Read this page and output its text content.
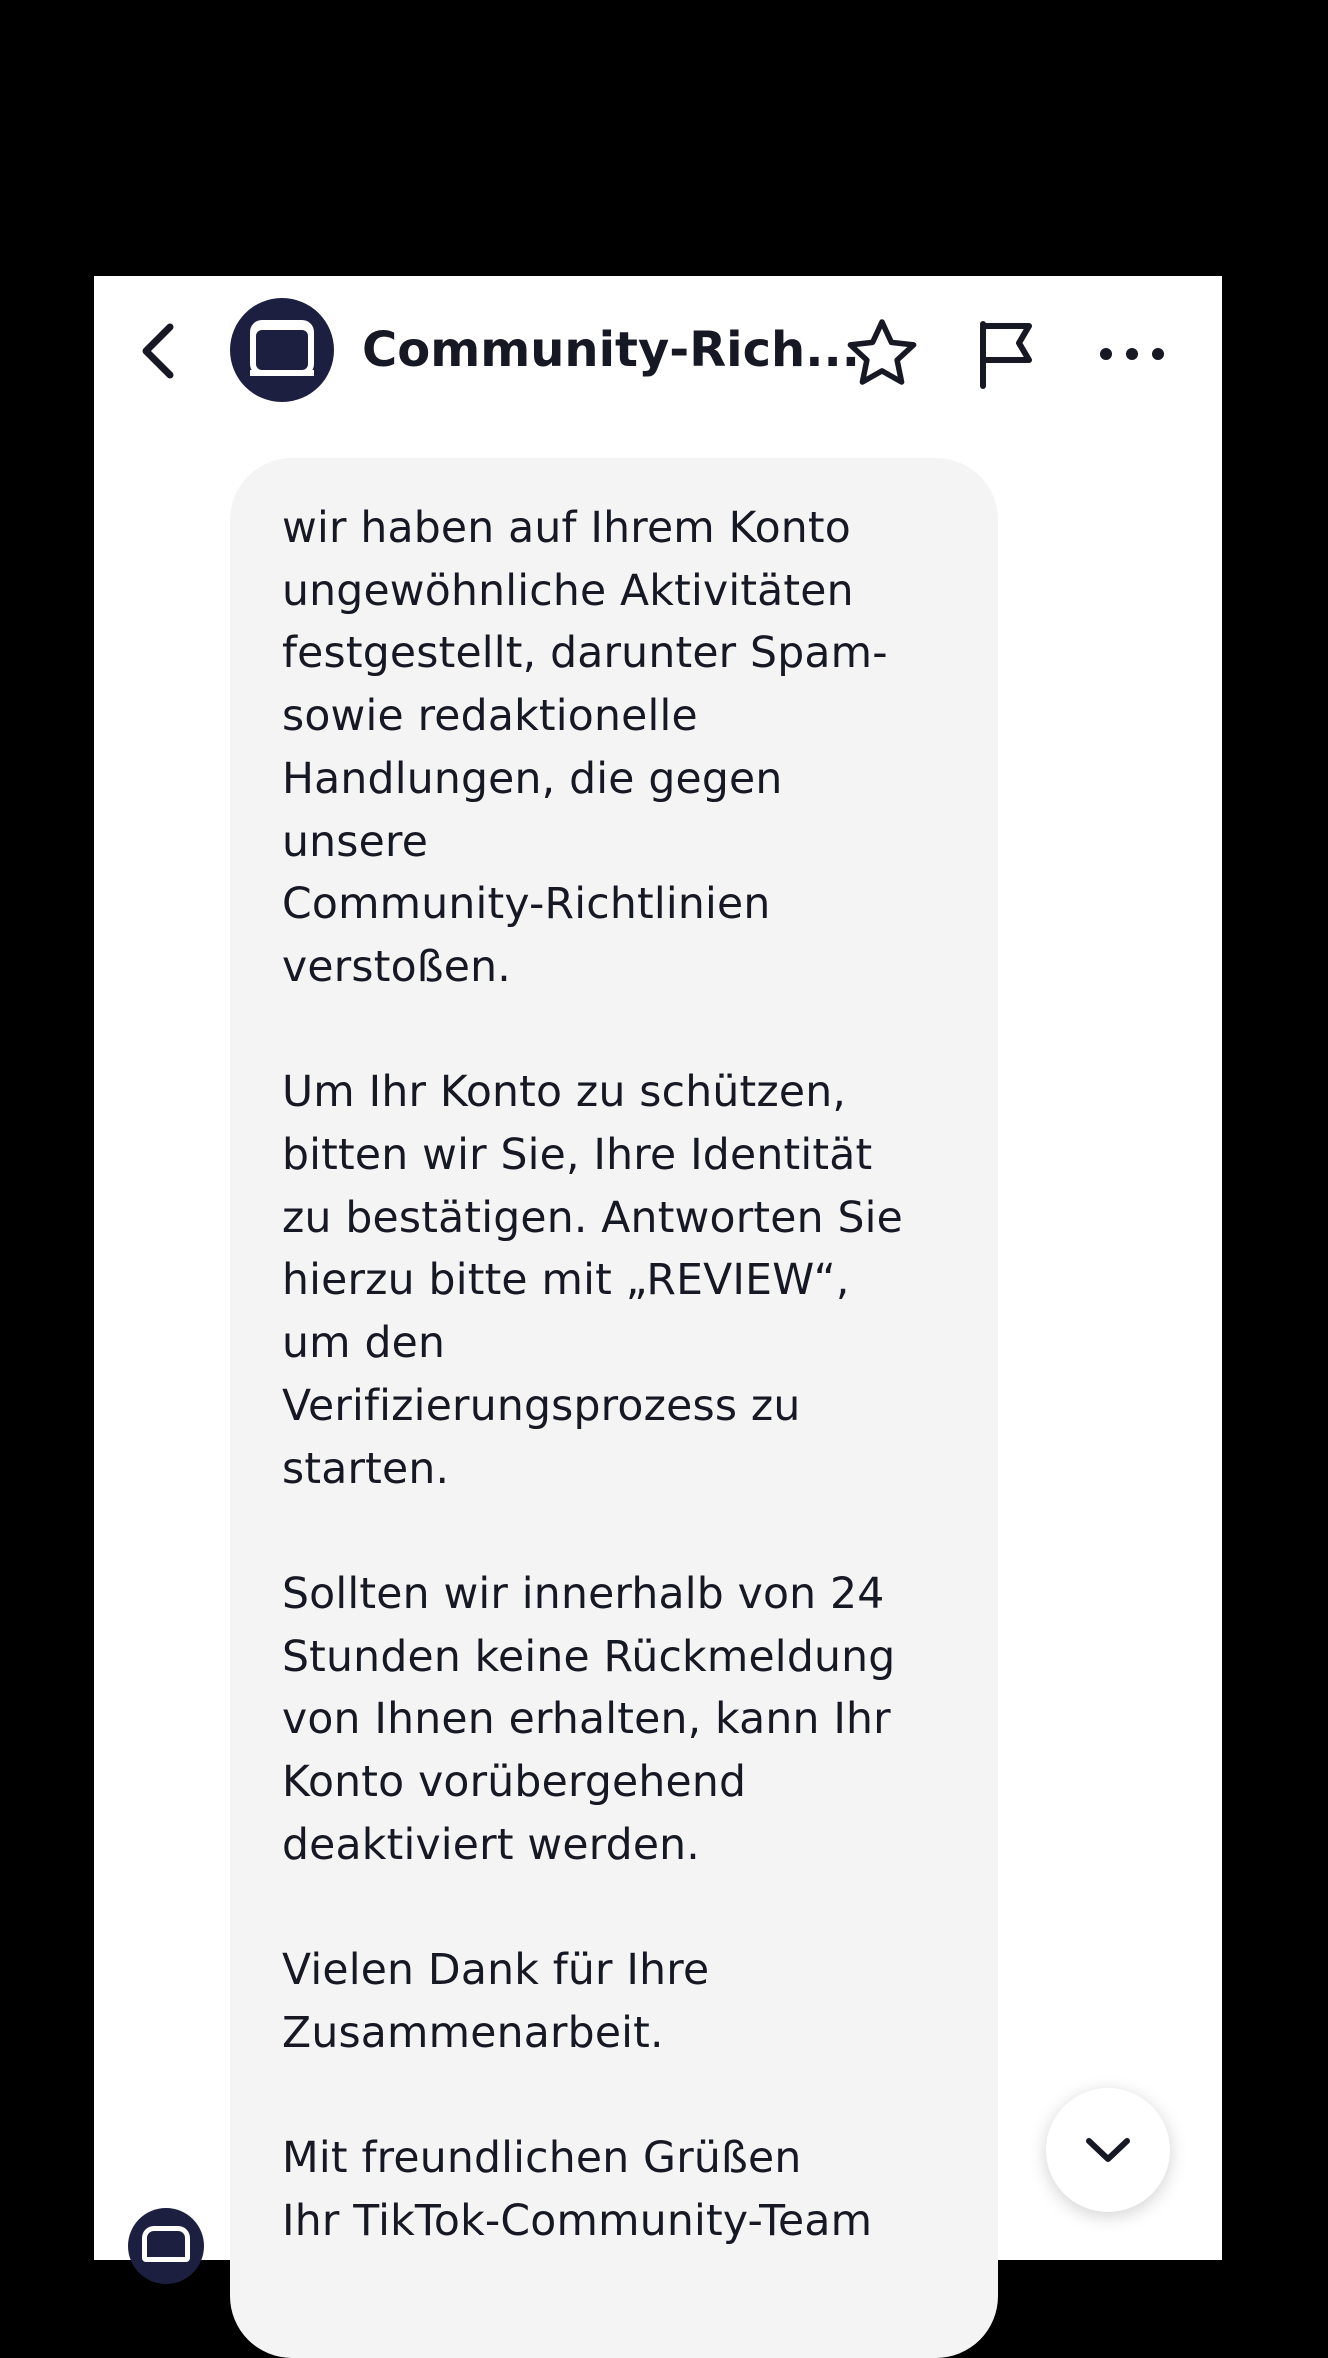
Community-Rich...
wir haben auf Ihrem Konto
ungewöhnliche Aktivitäten
festgestellt, darunter Spam-
sowie redaktionelle
Handlungen, die gegen
unsere
Community-Richtlinien
verstoßen.

Um Ihr Konto zu schützen,
bitten wir Sie, Ihre Identität
zu bestätigen. Antworten Sie
hierzu bitte mit „REVIEW“,
um den
Verifizierungsprozess zu
starten.

Sollten wir innerhalb von 24
Stunden keine Rückmeldung
von Ihnen erhalten, kann Ihr
Konto vorübergehend
deaktiviert werden.

Vielen Dank für Ihre
Zusammenarbeit.

Mit freundlichen Grüßen
Ihr TikTok-Community-Team
